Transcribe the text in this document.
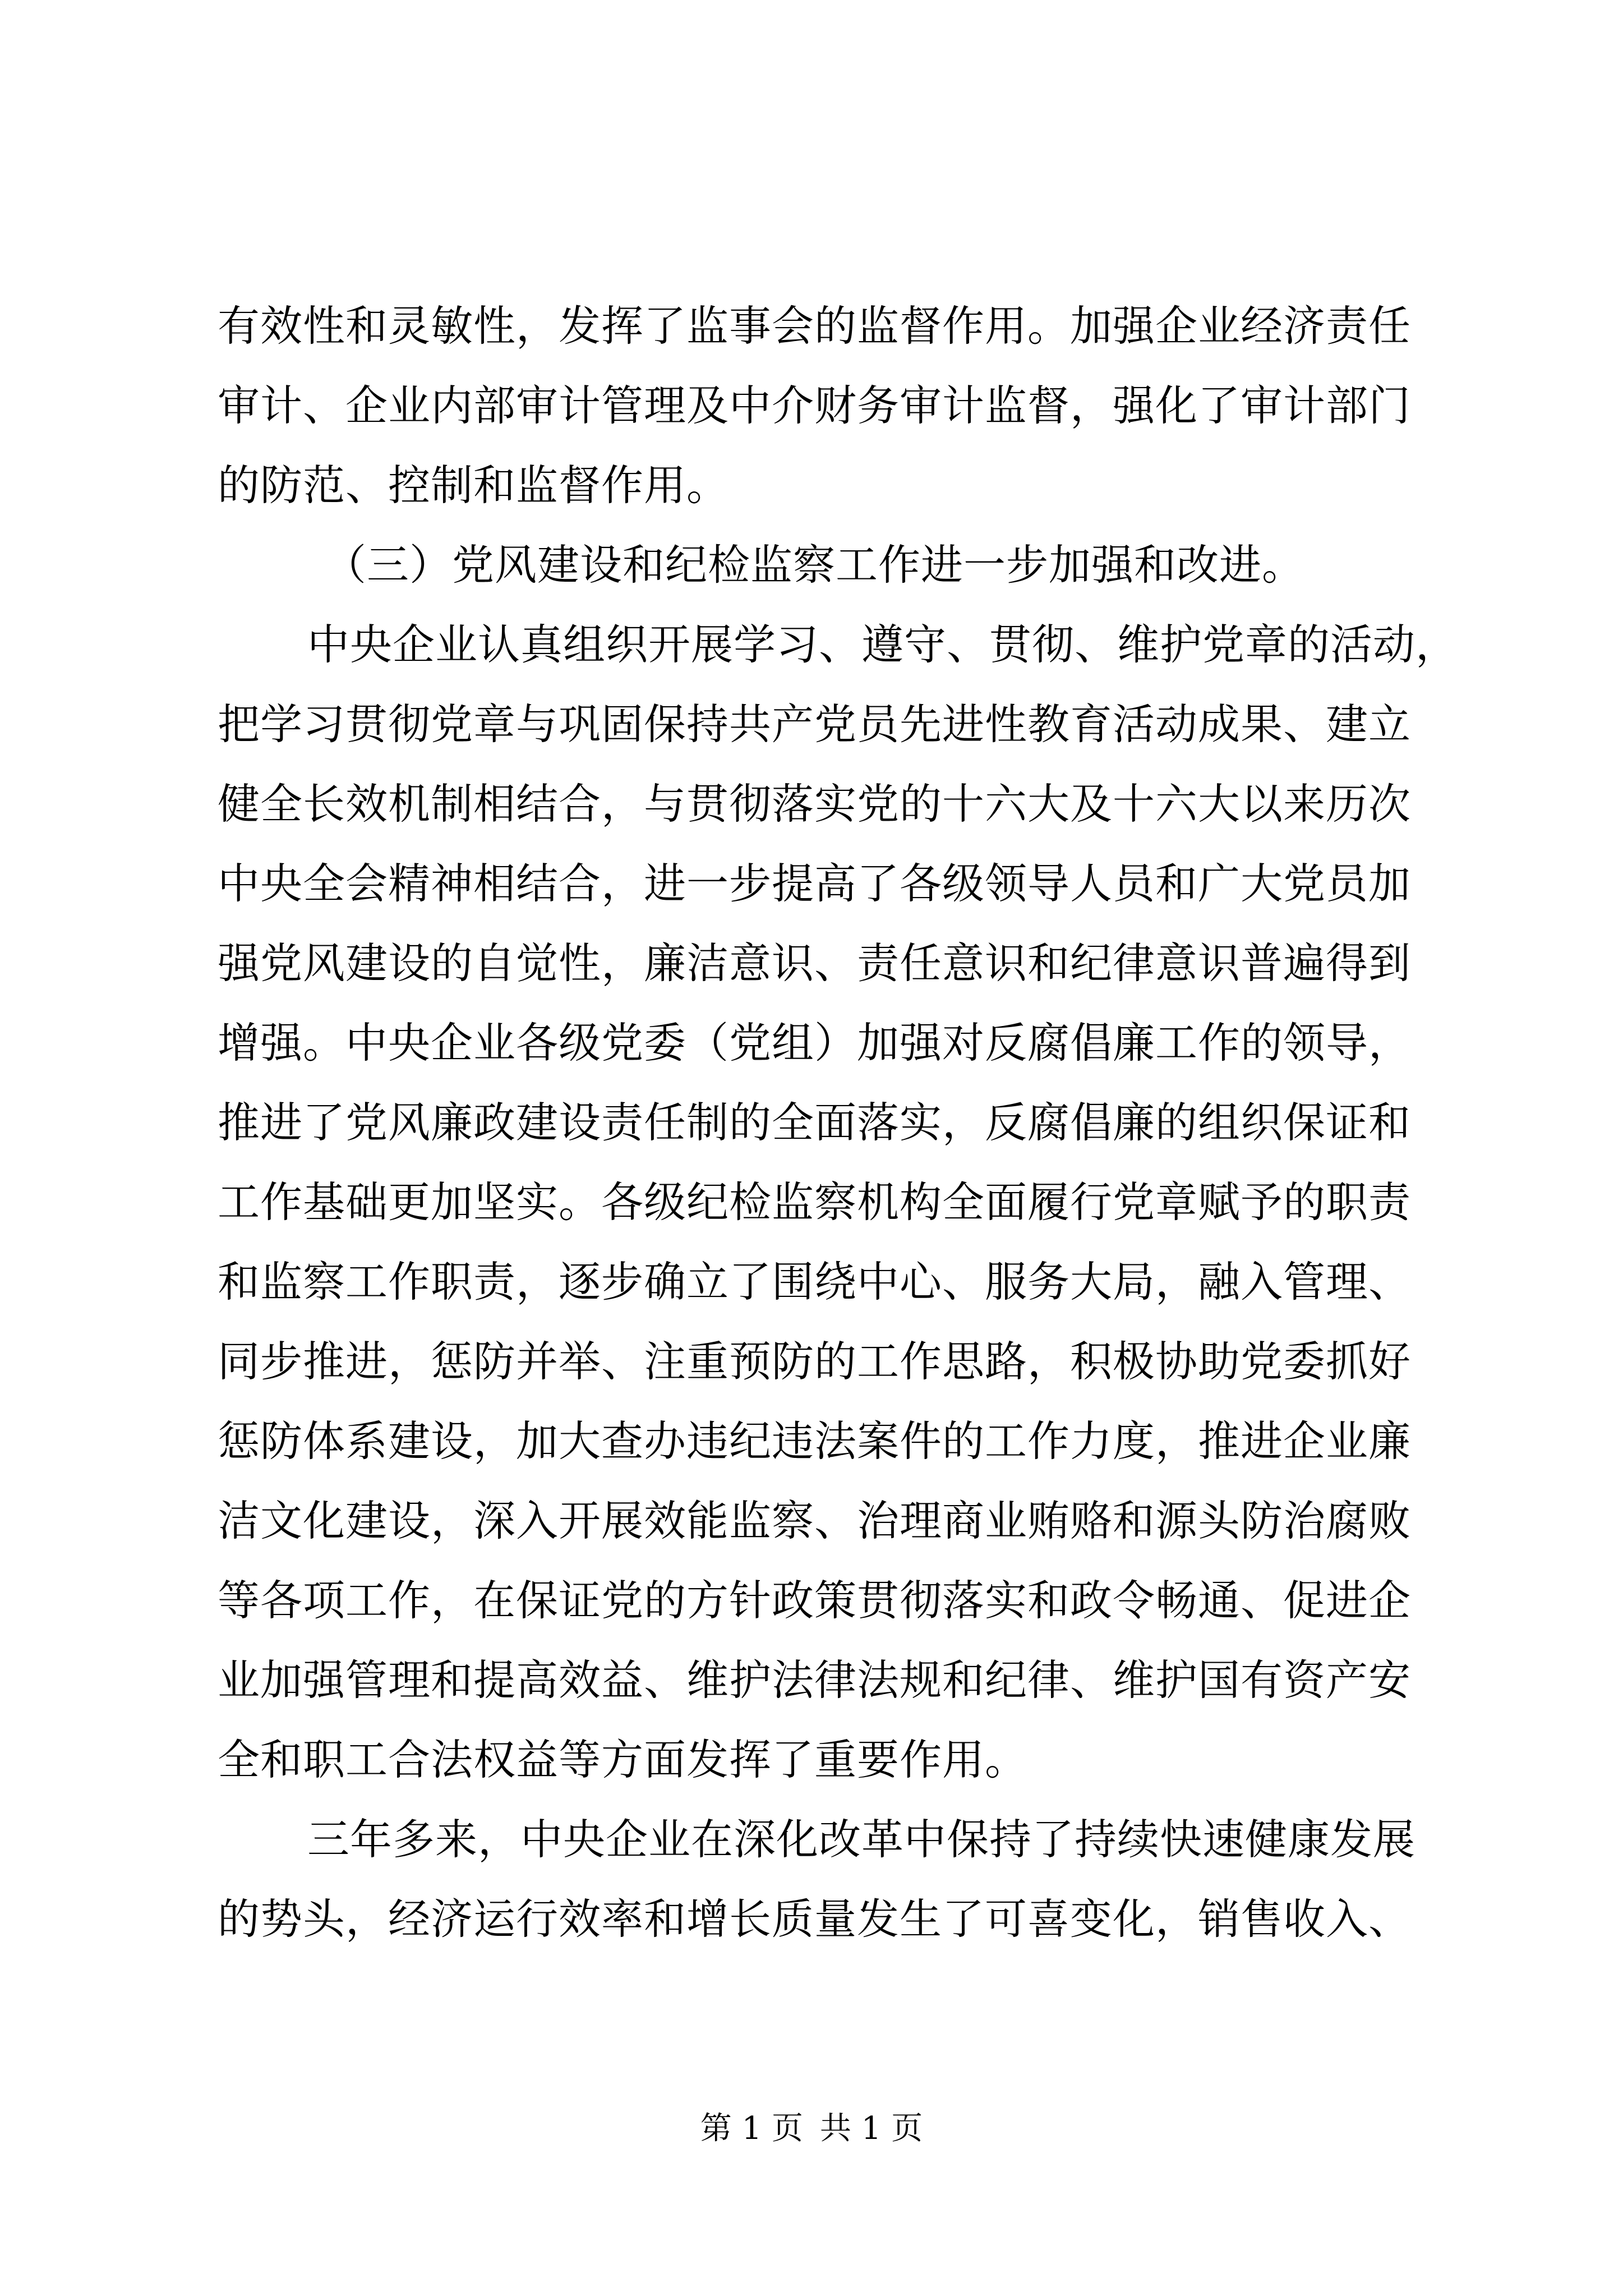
有效性和灵敏性，发挥了监事会的监督作用。加强企业经济责任
审计、企业内部审计管理及中介财务审计监督，强化了审计部门
的防范、控制和监督作用。
（三）党风建设和纪检监察工作进一步加强和改进。
中央企业认真组织开展学习、遵守、贯彻、维护党章的活动，
把学习贯彻党章与巩固保持共产党员先进性教育活动成果、建立
健全长效机制相结合，与贯彻落实党的十六大及十六大以来历次
中央全会精神相结合，进一步提高了各级领导人员和广大党员加
强党风建设的自觉性，廉洁意识、责任意识和纪律意识普遍得到
增强。中央企业各级党委（党组）加强对反腐倡廉工作的领导，
推进了党风廉政建设责任制的全面落实，反腐倡廉的组织保证和
工作基础更加坚实。各级纪检监察机构全面履行党章赋予的职责
和监察工作职责，逐步确立了围绕中心、服务大局，融入管理、
同步推进，惩防并举、注重预防的工作思路，积极协助党委抓好
惩防体系建设，加大查办违纪违法案件的工作力度，推进企业廉
洁文化建设，深入开展效能监察、治理商业贿赂和源头防治腐败
等各项工作，在保证党的方针政策贯彻落实和政令畅通、促进企
业加强管理和提高效益、维护法律法规和纪律、维护国有资产安
全和职工合法权益等方面发挥了重要作用。
三年多来，中央企业在深化改革中保持了持续快速健康发展
的势头，经济运行效率和增长质量发生了可喜变化，销售收入、
第 1 页 共 1 页
